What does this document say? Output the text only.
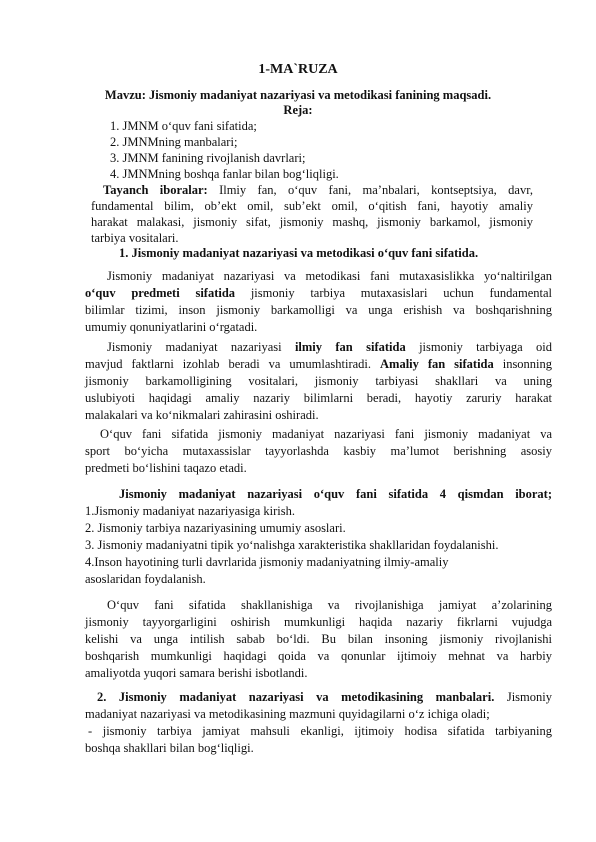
1-MA`RUZA
Mavzu: Jismoniy madaniyat nazariyasi va metodikasi fanining maqsadi.
Reja:
1. JMNM o‘quv fani sifatida;
2. JMNMning manbalari;
3. JMNM fanining rivojlanish davrlari;
4. JMNMning boshqa fanlar bilan bog‘liqligi.
Tayanch iboralar: Ilmiy fan, o‘quv fani, ma’nbalari, kontseptsiya, davr,
fundamental bilim, ob’ekt omil, sub’ekt omil, o‘qitish fani, hayotiy amaliy
harakat malakasi, jismoniy sifat, jismoniy mashq, jismoniy barkamol, jismoniy
tarbiya vositalari.
1. Jismoniy madaniyat nazariyasi va metodikasi o‘quv fani sifatida.
Jismoniy madaniyat nazariyasi va metodikasi fani mutaxasislikka yo‘naltirilgan
o‘quv predmeti sifatida jismoniy tarbiya mutaxasislari uchun fundamental
bilimlar tizimi, inson jismoniy barkamolligi va unga erishish va boshqarishning
umumiy qonuniyatlarini o‘rgatadi.
Jismoniy madaniyat nazariyasi ilmiy fan sifatida jismoniy tarbiyaga oid
mavjud faktlarni izohlab beradi va umumlashtiradi. Amaliy fan sifatida insonning
jismoniy barkamolligining vositalari, jismoniy tarbiyasi shakllari va uning
uslubiyoti haqidagi amaliy nazariy bilimlarni beradi, hayotiy zaruriy harakat
malakalari va ko‘nikmalari zahirasini oshiradi.
O‘quv fani sifatida jismoniy madaniyat nazariyasi fani jismoniy madaniyat va
sport bo‘yicha mutaxassislar tayyorlashda kasbiy ma’lumot berishning asosiy
predmeti bo‘lishini taqazo etadi.
Jismoniy madaniyat nazariyasi o‘quv fani sifatida 4 qismdan iborat;
1.Jismoniy madaniyat nazariyasiga kirish.
2. Jismoniy tarbiya nazariyasining umumiy asoslari.
3. Jismoniy madaniyatni tipik yo‘nalishga xarakteristika shakllaridan foydalanishi.
4.Inson hayotining turli davrlarida jismoniy madaniyatning ilmiy-amaliy
asoslaridan foydalanish.
O‘quv fani sifatida shakllanishiga va rivojlanishiga jamiyat a’zolarining
jismoniy tayyorgarligini oshirish mumkunligi haqida nazariy fikrlarni vujudga
kelishi va unga intilish sabab bo‘ldi. Bu bilan insoning jismoniy rivojlanishi
boshqarish mumkunligi haqidagi qoida va qonunlar ijtimoiy mehnat va harbiy
amaliyotda yuqori samara berishi isbotlandi.
2. Jismoniy madaniyat nazariyasi va metodikasining manbalari. Jismoniy
madaniyat nazariyasi va metodikasining mazmuni quyidagilarni o‘z ichiga oladi;
- jismoniy tarbiya jamiyat mahsuli ekanligi, ijtimoiy hodisa sifatida tarbiyaning
boshqa shakllari bilan bog‘liqligi.
